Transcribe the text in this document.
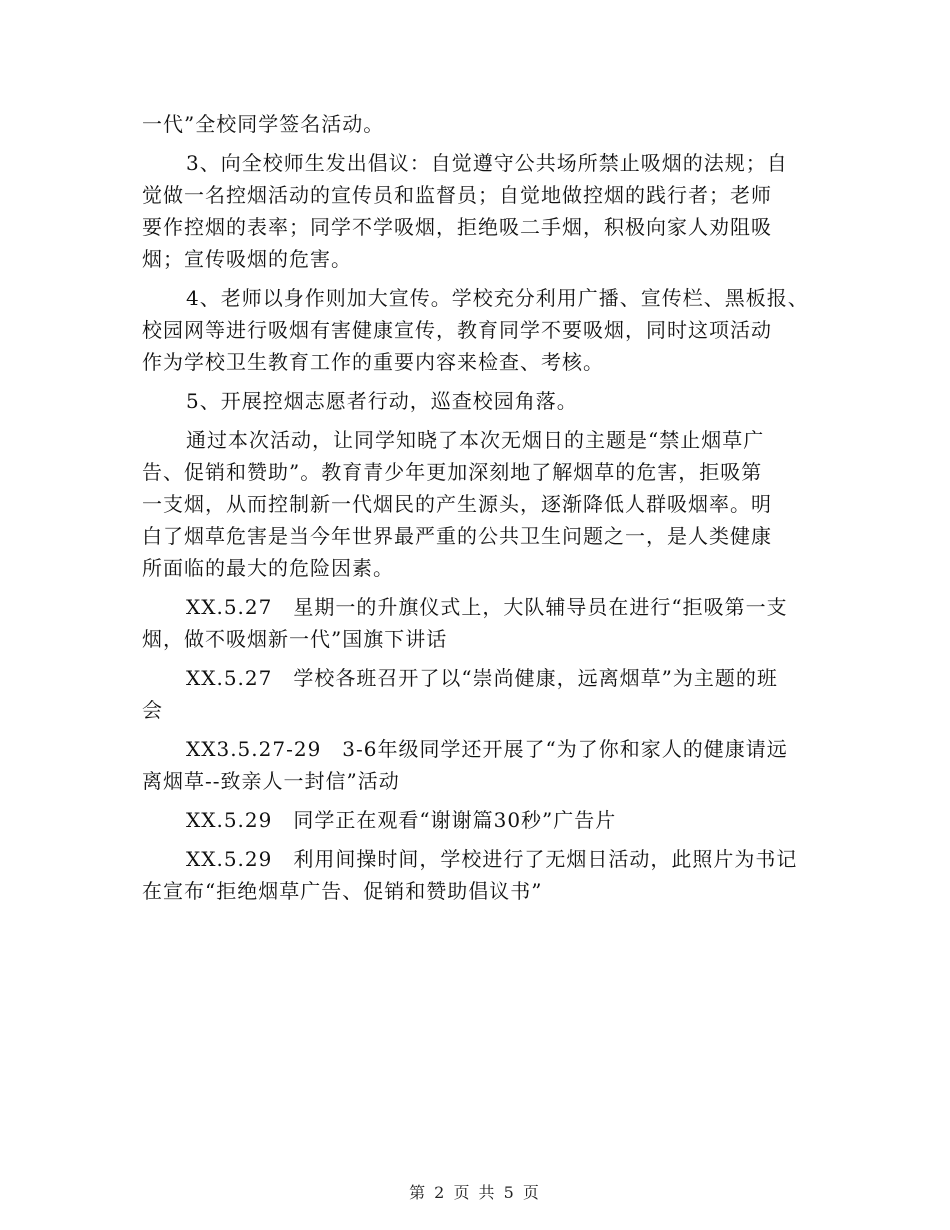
一代”全校同学签名活动。
3、向全校师生发出倡议：自觉遵守公共场所禁止吸烟的法规；自
觉做一名控烟活动的宣传员和监督员；自觉地做控烟的践行者；老师
要作控烟的表率；同学不学吸烟，拒绝吸二手烟，积极向家人劝阻吸
烟；宣传吸烟的危害。
4、老师以身作则加大宣传。学校充分利用广播、宣传栏、黑板报、
校园网等进行吸烟有害健康宣传，教育同学不要吸烟，同时这项活动
作为学校卫生教育工作的重要内容来检查、考核。
5、开展控烟志愿者行动，巡查校园角落。
通过本次活动，让同学知晓了本次无烟日的主题是“禁止烟草广
告、促销和赞助”。教育青少年更加深刻地了解烟草的危害，拒吸第
一支烟，从而控制新一代烟民的产生源头，逐渐降低人群吸烟率。明
白了烟草危害是当今年世界最严重的公共卫生问题之一，是人类健康
所面临的最大的危险因素。
XX.5.27　星期一的升旗仪式上，大队辅导员在进行“拒吸第一支
烟，做不吸烟新一代”国旗下讲话
XX.5.27　学校各班召开了以“崇尚健康，远离烟草”为主题的班
会
XX3.5.27-29　3-6年级同学还开展了“为了你和家人的健康请远
离烟草--致亲人一封信”活动
XX.5.29　同学正在观看“谢谢篇30秒”广告片
XX.5.29　利用间操时间，学校进行了无烟日活动，此照片为书记
在宣布“拒绝烟草广告、促销和赞助倡议书”
第 2 页 共 5 页
